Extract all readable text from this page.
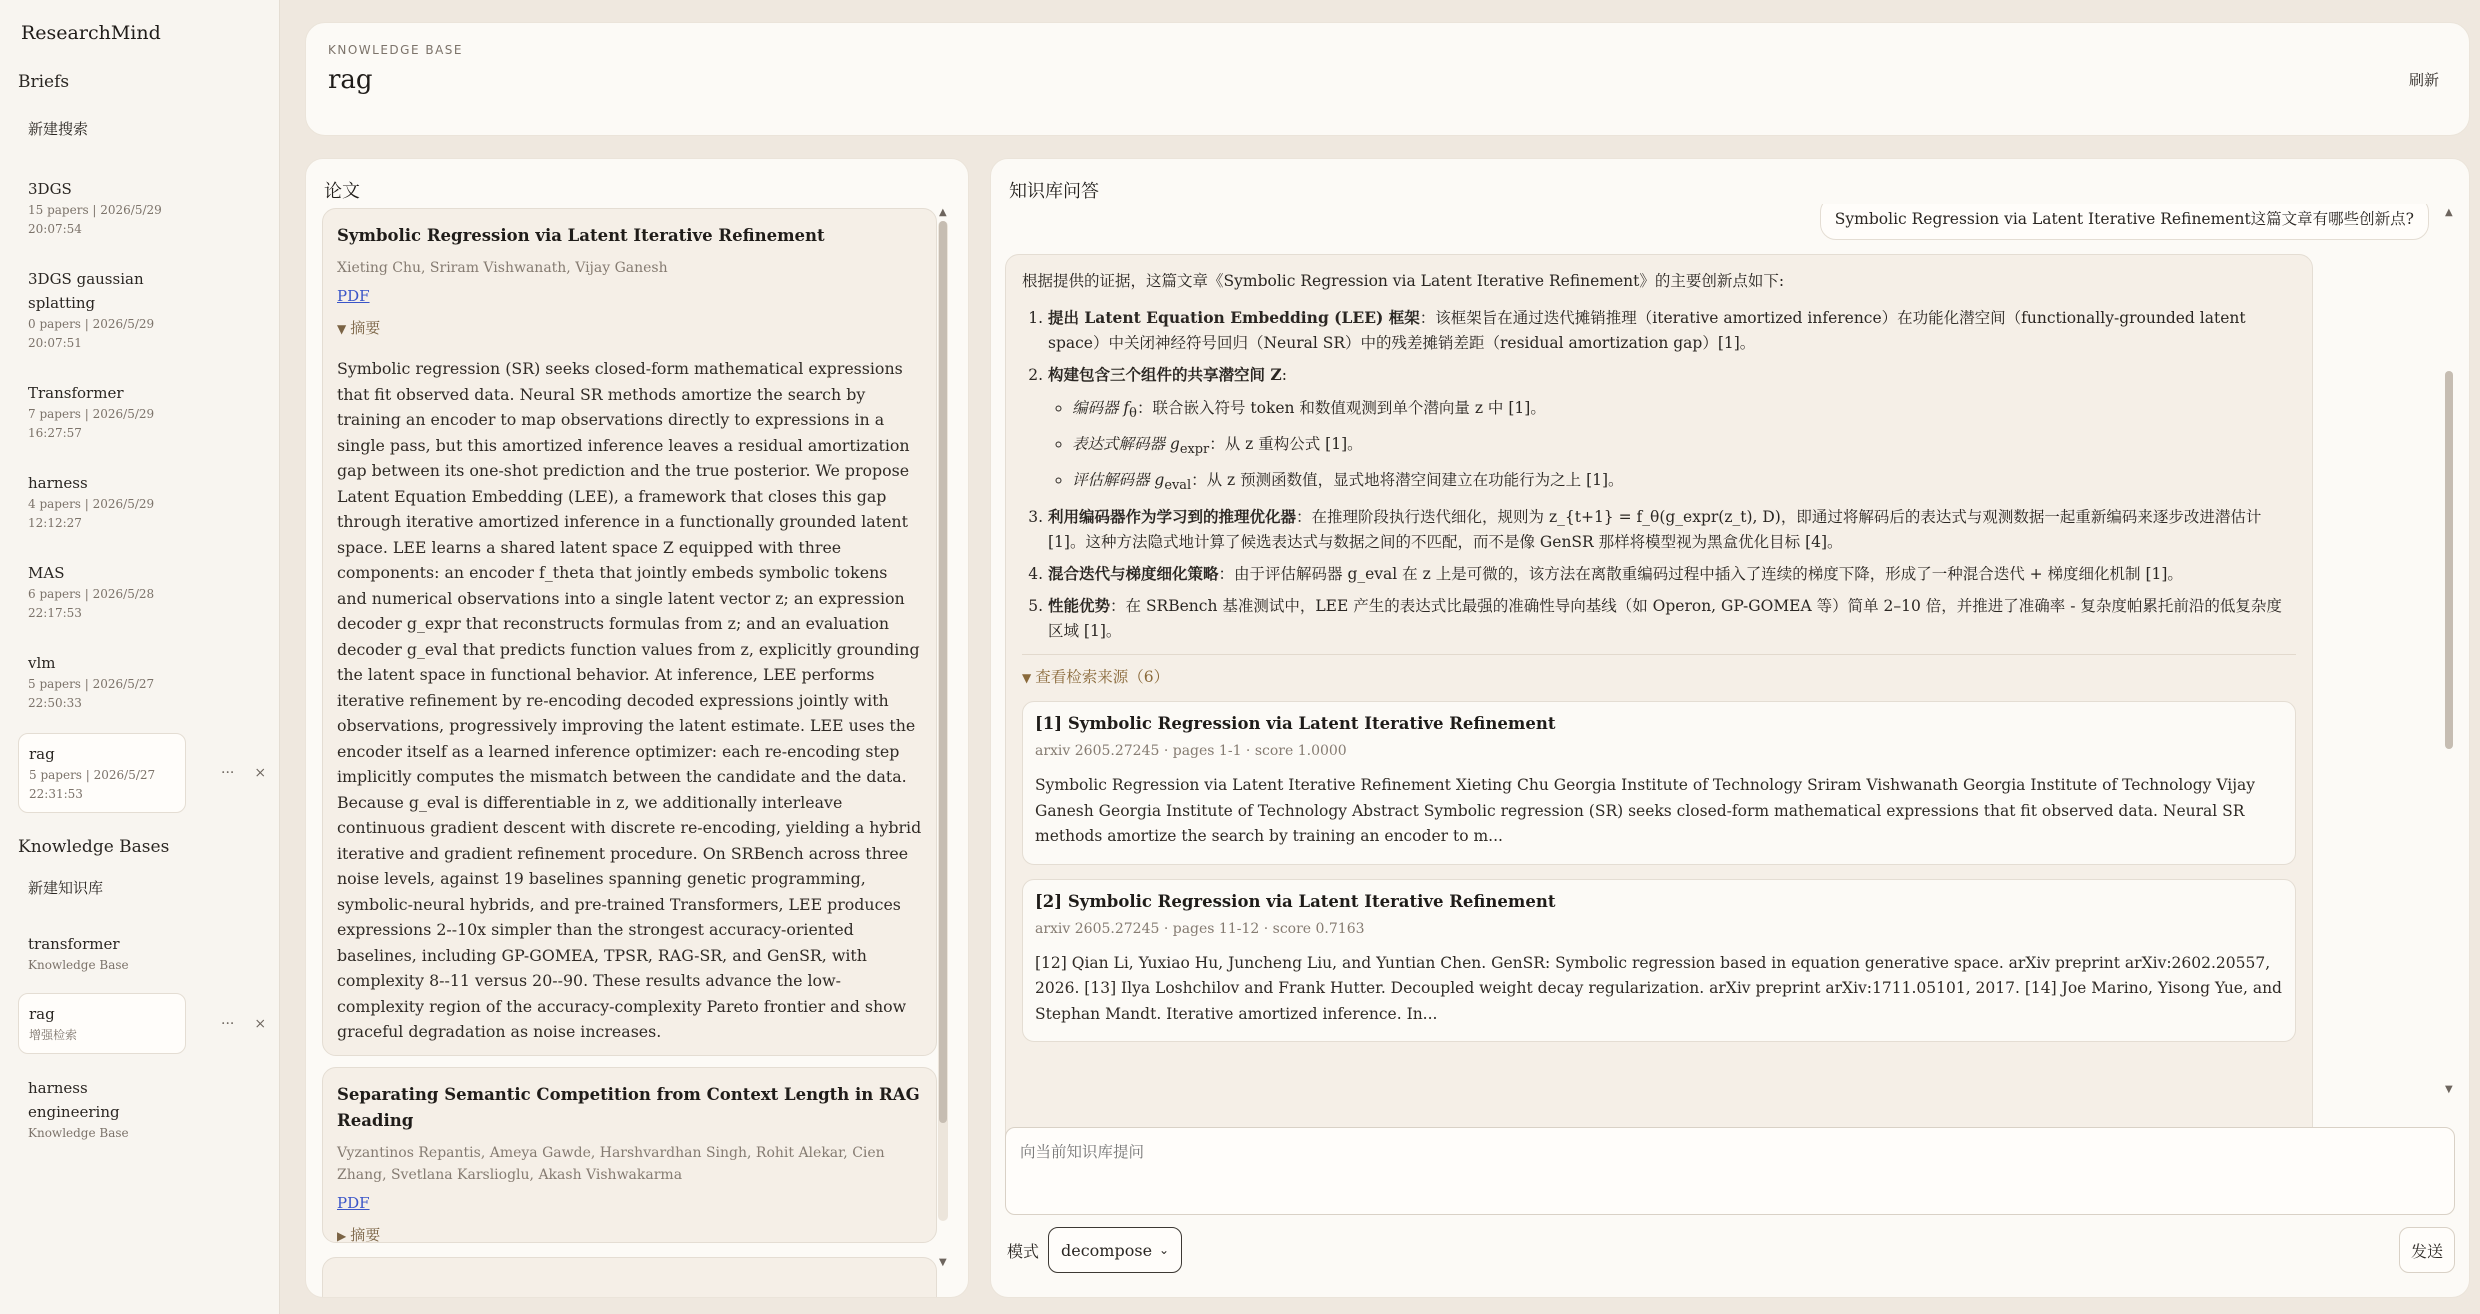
ResearchMind
Briefs
新建搜索
3DGS
15 papers | 2026/5/29
20:07:54
3DGS gaussian
splatting
0 papers | 2026/5/29
20:07:51
Transformer
7 papers | 2026/5/29
16:27:57
harness
4 papers | 2026/5/29
12:12:27
MAS
6 papers | 2026/5/28
22:17:53
vlm
5 papers | 2026/5/27
22:50:33
rag
5 papers | 2026/5/27
22:31:53
··· ×
Knowledge Bases
新建知识库
transformer
Knowledge Base
rag
增强检索
··· ×
harness
engineering
Knowledge Base
KNOWLEDGE BASE
rag	刷新
论文
Symbolic Regression via Latent Iterative Refinement
Xieting Chu, Sriram Vishwanath, Vijay Ganesh
PDF
▼ 摘要
Symbolic regression (SR) seeks closed-form mathematical expressions that fit observed data. Neural SR methods amortize the search by training an encoder to map observations directly to expressions in a single pass, but this amortized inference leaves a residual amortization gap between its one-shot prediction and the true posterior. We propose Latent Equation Embedding (LEE), a framework that closes this gap through iterative amortized inference in a functionally grounded latent space. LEE learns a shared latent space Z equipped with three components: an encoder f_theta that jointly embeds symbolic tokens and numerical observations into a single latent vector z; an expression decoder g_expr that reconstructs formulas from z; and an evaluation decoder g_eval that predicts function values from z, explicitly grounding the latent space in functional behavior. At inference, LEE performs iterative refinement by re-encoding decoded expressions jointly with observations, progressively improving the latent estimate. LEE uses the encoder itself as a learned inference optimizer: each re-encoding step implicitly computes the mismatch between the candidate and the data. Because g_eval is differentiable in z, we additionally interleave continuous gradient descent with discrete re-encoding, yielding a hybrid iterative and gradient refinement procedure. On SRBench across three noise levels, against 19 baselines spanning genetic programming, symbolic-neural hybrids, and pre-trained Transformers, LEE produces expressions 2--10x simpler than the strongest accuracy-oriented baselines, including GP-GOMEA, TPSR, RAG-SR, and GenSR, with complexity 8--11 versus 20--90. These results advance the low-complexity region of the accuracy-complexity Pareto frontier and show graceful degradation as noise increases.
Separating Semantic Competition from Context Length in RAG Reading
Vyzantinos Repantis, Ameya Gawde, Harshvardhan Singh, Rohit Alekar, Cien Zhang, Svetlana Karslioglu, Akash Vishwakarma
PDF
▶ 摘要
▲
▼
知识库问答
Symbolic Regression via Latent Iterative Refinement这篇文章有哪些创新点?
根据提供的证据，这篇文章《Symbolic Regression via Latent Iterative Refinement》的主要创新点如下:
1. 提出 Latent Equation Embedding (LEE) 框架：该框架旨在通过迭代摊销推理（iterative amortized inference）在功能化潜空间（functionally-grounded latent space）中关闭神经符号回归（Neural SR）中的残差摊销差距（residual amortization gap）[1]。
2. 构建包含三个组件的共享潜空间 Z:
◦ 编码器 $f_\theta$：联合嵌入符号 token 和数值观测到单个潜向量 z 中 [1]。
◦ 表达式解码器 $g_{expr}$：从 z 重构公式 [1]。
◦ 评估解码器 $g_{eval}$：从 z 预测函数值，显式地将潜空间建立在功能行为之上 [1]。
3. 利用编码器作为学习到的推理优化器：在推理阶段执行迭代细化，规则为 z_{t+1} = f_θ(g_expr(z_t), D)，即通过将解码后的表达式与观测数据一起重新编码来逐步改进潜估计 [1]。这种方法隐式地计算了候选表达式与数据之间的不匹配，而不是像 GenSR 那样将模型视为黑盒优化目标 [4]。
4. 混合迭代与梯度细化策略：由于评估解码器 g_eval 在 z 上是可微的，该方法在离散重编码过程中插入了连续的梯度下降，形成了一种混合迭代 + 梯度细化机制 [1]。
5. 性能优势：在 SRBench 基准测试中，LEE 产生的表达式比最强的准确性导向基线（如 Operon, GP-GOMEA 等）简单 2–10 倍，并推进了准确率 - 复杂度帕累托前沿的低复杂度区域 [1]。
▼ 查看检索来源（6）
[1] Symbolic Regression via Latent Iterative Refinement
arxiv 2605.27245 · pages 1-1 · score 1.0000
Symbolic Regression via Latent Iterative Refinement Xieting Chu Georgia Institute of Technology Sriram Vishwanath Georgia Institute of Technology Vijay Ganesh Georgia Institute of Technology Abstract Symbolic regression (SR) seeks closed-form mathematical expressions that fit observed data. Neural SR methods amortize the search by training an encoder to m...
[2] Symbolic Regression via Latent Iterative Refinement
arxiv 2605.27245 · pages 11-12 · score 0.7163
[12] Qian Li, Yuxiao Hu, Juncheng Liu, and Yuntian Chen. GenSR: Symbolic regression based in equation generative space. arXiv preprint arXiv:2602.20557, 2026. [13] Ilya Loshchilov and Frank Hutter. Decoupled weight decay regularization. arXiv preprint arXiv:1711.05101, 2017. [14] Joe Marino, Yisong Yue, and Stephan Mandt. Iterative amortized inference. In...
▲
▼
向当前知识库提问
模式 decompose ⌄	发送
